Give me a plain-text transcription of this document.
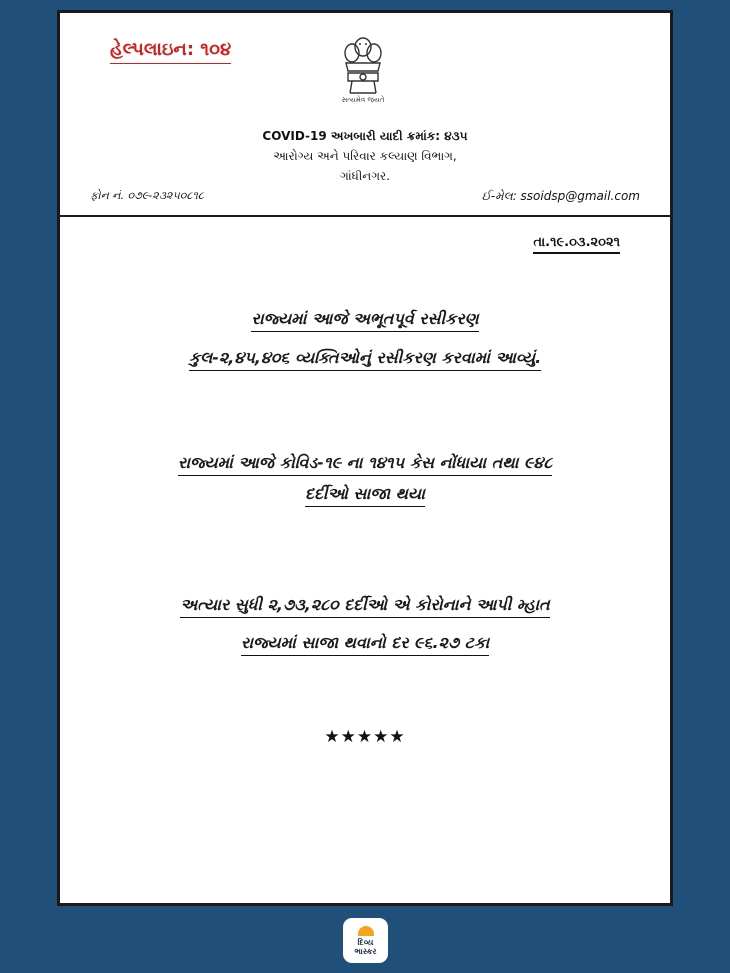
હેલ્પલાઇન: ૧૦૪
સત્યમેવ જયતે
COVID-19 અખબારી યાદી ક્રમાંક: ૪૩૫
આરોગ્ય અને પરિવાર કલ્યાણ વિભાગ,
ગાંધીનગર.
ફોન નં. ૦૭૯-૨૩૨૫૦૮૧૮	ઈ-મેલ: ssoidsp@gmail.com
તા.૧૯.૦૩.૨૦૨૧
રાજ્યમાં આજે અભૂતપૂર્વ રસીકરણ
કુલ-૨,૪૫,૪૦૬ વ્યક્તિઓનું રસીકરણ કરવામાં આવ્યું.
રાજ્યમાં આજે કોવિડ-૧૯ ના ૧૪૧૫ કેસ નોંધાયા તથા ૯૪૮
દર્દીઓ સાજા થયા
અત્યાર સુધી ૨,૭૩,૨૮૦ દર્દીઓ એ કોરોનાને આપી મ્હાત
રાજ્યમાં સાજા થવાનો દર ૯૬.૨૭ ટકા
★★★★★
દિવ્ય
ભાસ્કર
